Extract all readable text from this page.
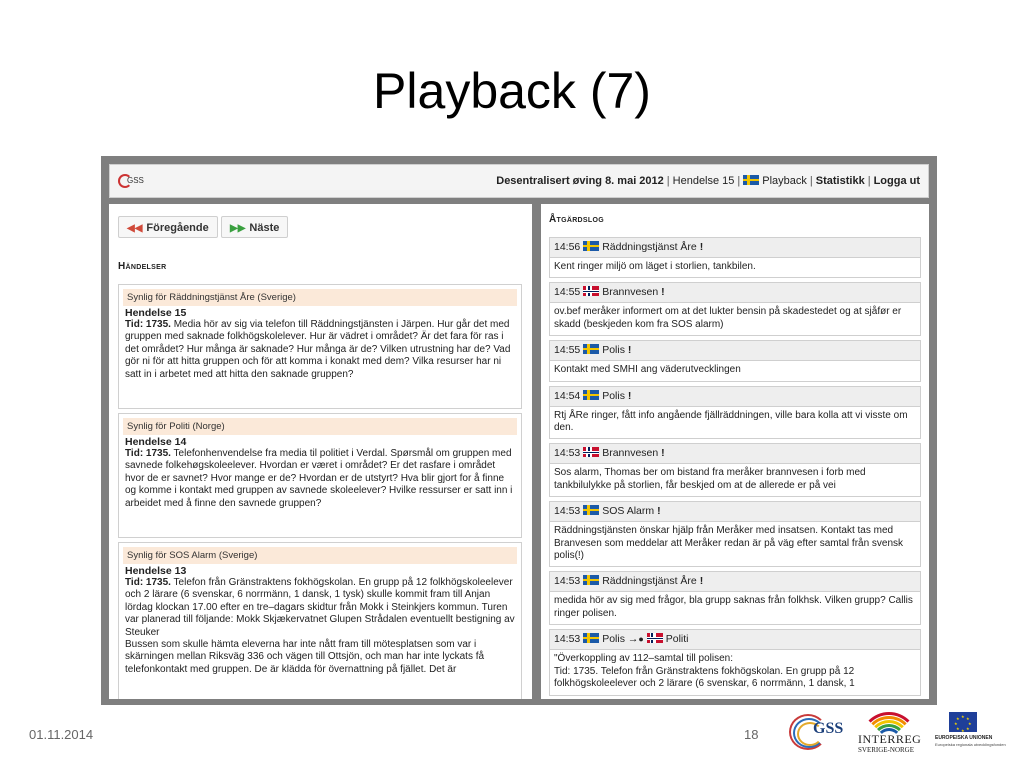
Playback (7)
GSS	Desentralisert øving 8. mai 2012 | Hendelse 15 | Playback | Statistikk | Logga ut
◀◀ Föregående	▶▶ Näste
Händelser
Synlig för Räddningstjänst Åre (Sverige)
Hendelse 15
Tid: 1735. Media hör av sig via telefon till Räddningstjänsten i Järpen. Hur går det med gruppen med saknade folkhögskolelever. Hur är vädret i området? Är det fara för ras i det området? Hur många är saknade? Hur många är de? Vilken utrustning har de? Vad gör ni för att hitta gruppen och för att komma i konakt med dem? Vilka resurser har ni satt in i arbetet med att hitta den saknade gruppen?
Synlig för Politi (Norge)
Hendelse 14
Tid: 1735. Telefonhenvendelse fra media til politiet i Verdal. Spørsmål om gruppen med savnede folkehøgskoleelever. Hvordan er været i området? Er det rasfare i området hvor de er savnet? Hvor mange er de? Hvordan er de utstyrt? Hva blir gjort for å finne og komme i kontakt med gruppen av savnede skoleelever? Hvilke ressurser er satt inn i arbeidet med å finne den savnede gruppen?
Synlig för SOS Alarm (Sverige)
Hendelse 13
Tid: 1735. Telefon från Gränstraktens fokhögskolan. En grupp på 12 folkhögskoleelever och 2 lärare (6 svenskar, 6 norrmänn, 1 dansk, 1 tysk) skulle kommit fram till Anjan lördag klockan 17.00 efter en tre–dagars skidtur från Mokk i Steinkjers kommun. Turen var planerad till följande: Mokk Skjækervatnet Glupen Strådalen eventuellt bestigning av Steuker
Bussen som skulle hämta eleverna har inte nått fram till mötesplatsen som var i skärningen mellan Riksväg 336 och vägen till Ottsjön, och man har inte lyckats få telefonkontakt med gruppen. De är klädda för övernattning på fjället. Det är
Åtgärdslog
14:56 Räddningstjänst Åre !
Kent ringer miljö om läget i storlien, tankbilen.
14:55 Brannvesen !
ov.bef meråker informert om at det lukter bensin på skadestedet og at sjåfør er skadd (beskjeden kom fra SOS alarm)
14:55 Polis !
Kontakt med SMHI ang väderutvecklingen
14:54 Polis !
Rtj ÅRe ringer, fått info angående fjällräddningen, ville bara kolla att vi visste om den.
14:53 Brannvesen !
Sos alarm, Thomas ber om bistand fra meråker brannvesen i forb med tankbilulykke på storlien, får beskjed om at de allerede er på vei
14:53 SOS Alarm !
Räddningstjänsten önskar hjälp från Meråker med insatsen. Kontakt tas med Branvesen som meddelar att Meråker redan är på väg efter samtal från svensk polis(!)
14:53 Räddningstjänst Åre !
medida hör av sig med frågor, bla grupp saknas från folkhsk. Vilken grupp? Callis ringer polisen.
14:53 Polis →● Politi
"Överkoppling av 112–samtal till polisen:
Tid: 1735. Telefon från Gränstraktens fokhögskolan. En grupp på 12
folkhögskoleelever och 2 lärare (6 svenskar, 6 norrmänn, 1 dansk, 1
01.11.2014	18	GSS
INTERREG
SVERIGE-NORGE
★ ★
★
★
★
★
★
★
EUROPEISKA UNIONEN
Europeiska regionala utvecklingsfonden
